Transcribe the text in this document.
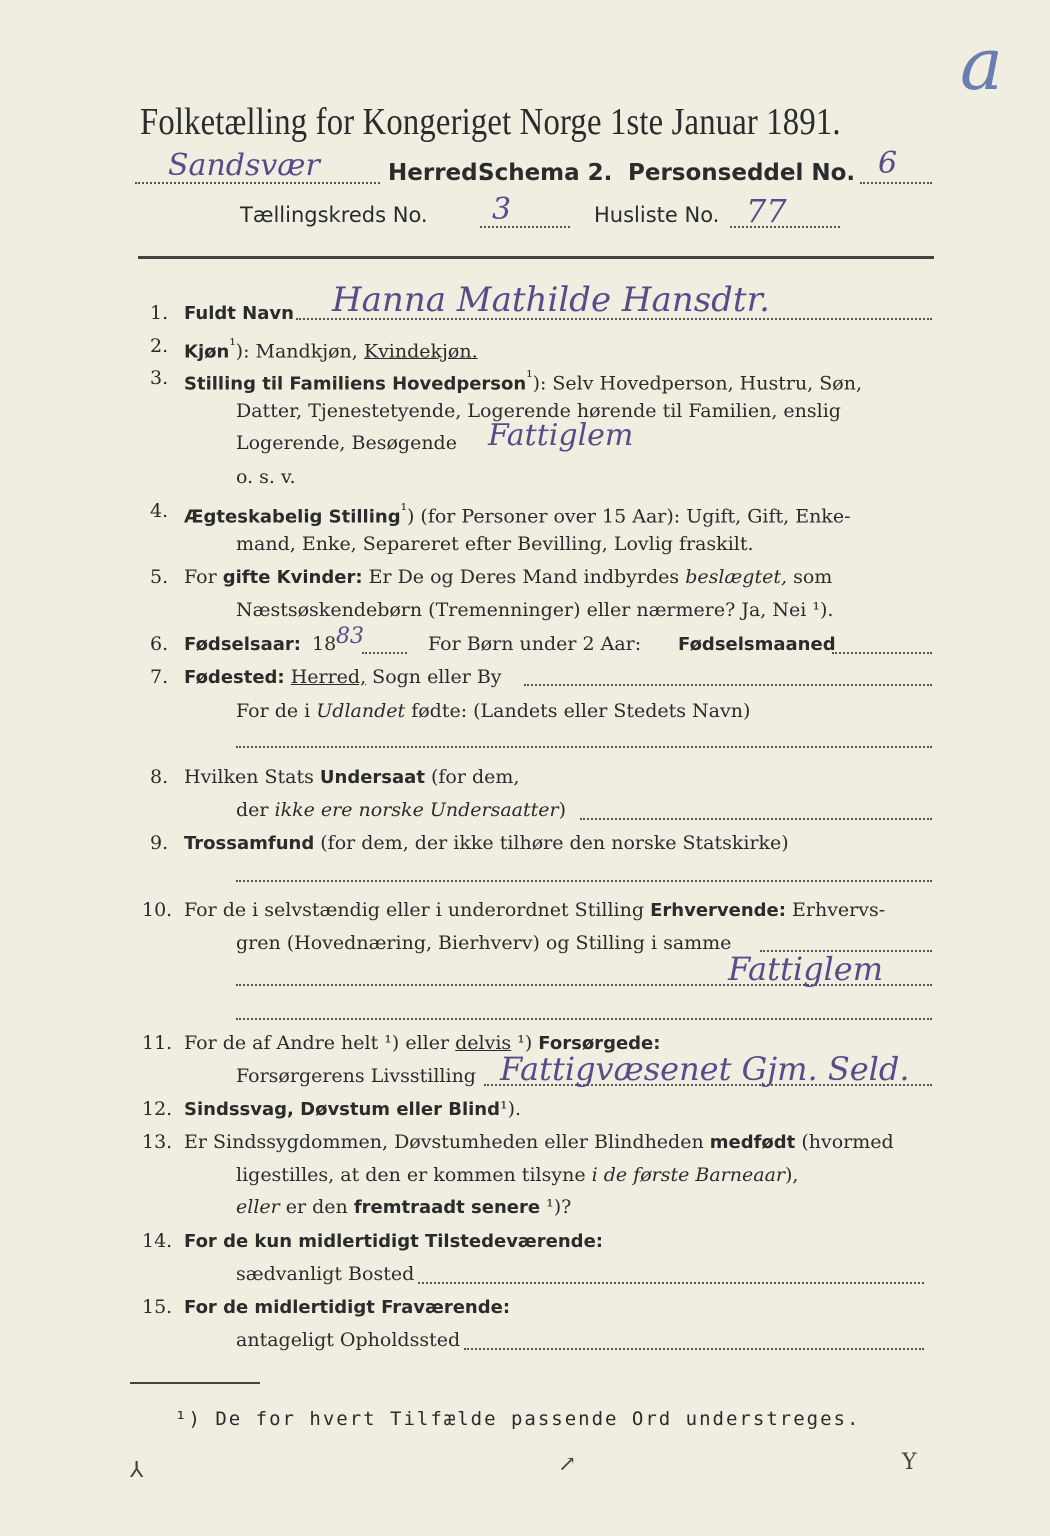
a
Folketælling for Kongeriget Norge 1ste Januar 1891.
Sandsvær	Herred.
Schema 2. Personseddel No. 6
Tællingskreds No. 3	Husliste No. 77
1. Fuldt Navn Hanna Mathilde Hansdtr.
2. Kjøn$^{^1}$): Mandkjøn, Kvindekjøn.
3. Stilling til Familiens Hovedperson$^{^1}$): Selv Hovedperson, Hustru, Søn,
Datter, Tjenestetyende, Logerende hørende til Familien, enslig
Logerende, Besøgende Fattiglem
o. s. v.
4. Ægteskabelig Stilling$^{^1}$) (for Personer over 15 Aar): Ugift, Gift, Enke-
mand, Enke, Separeret efter Bevilling, Lovlig fraskilt.
5. For gifte Kvinder: Er De og Deres Mand indbyrdes beslægtet, som
Næstsøskendebørn (Tremenninger) eller nærmere? Ja, Nei ¹).
6. Fødselsaar: 18 83	For Børn under 2 Aar: Fødselsmaaned
7. Fødested: Herred, Sogn eller By
For de i Udlandet fødte: (Landets eller Stedets Navn)
8. Hvilken Stats Undersaat (for dem,
der ikke ere norske Undersaatter)
9. Trossamfund (for dem, der ikke tilhøre den norske Statskirke)
10. For de i selvstændig eller i underordnet Stilling Erhvervende: Erhvervs-
gren (Hovednæring, Bierhverv) og Stilling i samme
Fattiglem
11. For de af Andre helt ¹) eller delvis ¹) Forsørgede:
Forsørgerens Livsstilling Fattigvæsenet Gjm. Seld.
12. Sindssvag, Døvstum eller Blind¹).
13. Er Sindssygdommen, Døvstumheden eller Blindheden medfødt (hvormed
ligestilles, at den er kommen tilsyne i de første Barneaar),
eller er den fremtraadt senere ¹)?
14. For de kun midlertidigt Tilstedeværende:
sædvanligt Bosted
15. For de midlertidigt Fraværende:
antageligt Opholdssted
¹) De for hvert Tilfælde passende Ord understreges.
⅄	↗	Y
